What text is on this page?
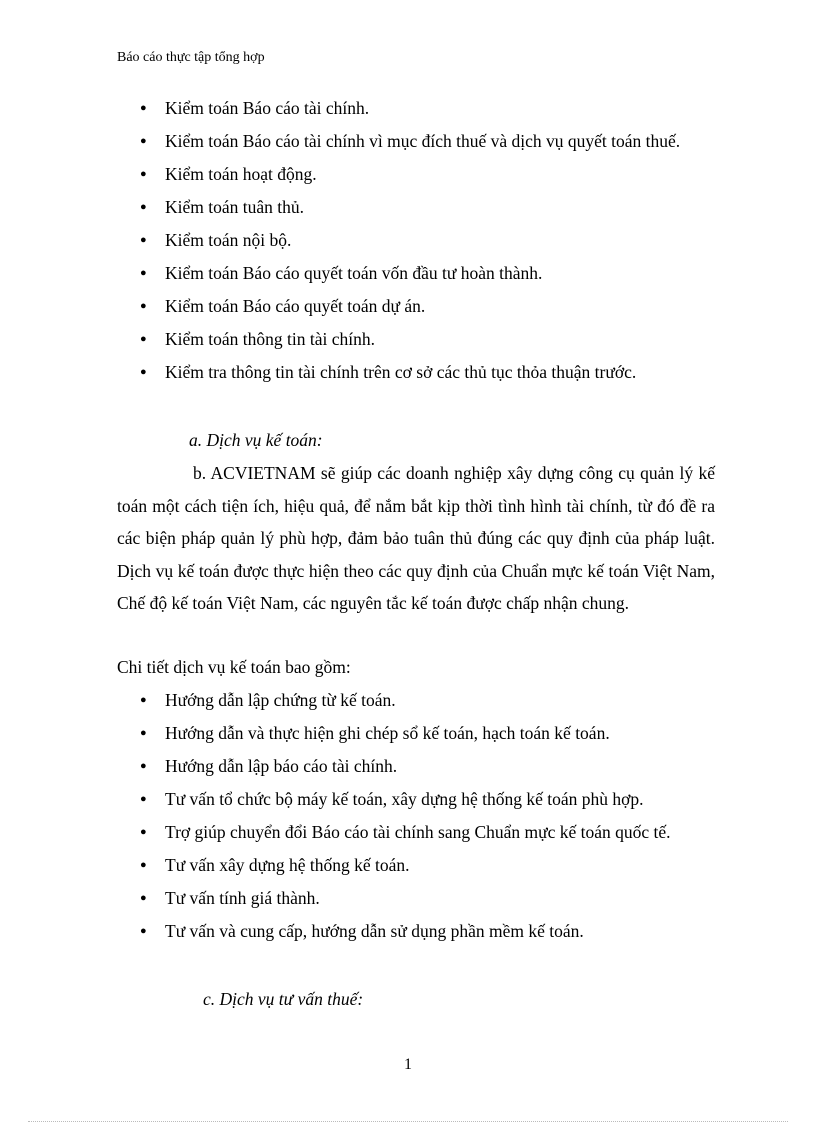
Báo cáo thực tập tổng hợp
● Kiểm toán Báo cáo tài chính.
● Kiểm toán Báo cáo tài chính vì mục đích thuế và dịch vụ quyết toán thuế.
● Kiểm toán hoạt động.
● Kiểm toán tuân thủ.
● Kiểm toán nội bộ.
● Kiểm toán Báo cáo quyết toán vốn đầu tư hoàn thành.
● Kiểm toán Báo cáo quyết toán dự án.
● Kiểm toán thông tin tài chính.
● Kiểm tra thông tin tài chính trên cơ sở các thủ tục thỏa thuận trước.
a. Dịch vụ kế toán:
b. ACVIETNAM sẽ giúp các doanh nghiệp xây dựng công cụ quản lý kế toán một cách tiện ích, hiệu quả, để nắm bắt kịp thời tình hình tài chính, từ đó đề ra các biện pháp quản lý phù hợp, đảm bảo tuân thủ đúng các quy định của pháp luật. Dịch vụ kế toán được thực hiện theo các quy định của Chuẩn mực kế toán Việt Nam, Chế độ kế toán Việt Nam, các nguyên tắc kế toán được chấp nhận chung.
Chi tiết dịch vụ kế toán bao gồm:
● Hướng dẫn lập chứng từ kế toán.
● Hướng dẫn và thực hiện ghi chép sổ kế toán, hạch toán kế toán.
● Hướng dẫn lập báo cáo tài chính.
● Tư vấn tổ chức bộ máy kế toán, xây dựng hệ thống kế toán phù hợp.
● Trợ giúp chuyển đổi Báo cáo tài chính sang Chuẩn mực kế toán quốc tế.
● Tư vấn xây dựng hệ thống kế toán.
● Tư vấn tính giá thành.
● Tư vấn và cung cấp, hướng dẫn sử dụng phần mềm kế toán.
c. Dịch vụ tư vấn thuế:
1
